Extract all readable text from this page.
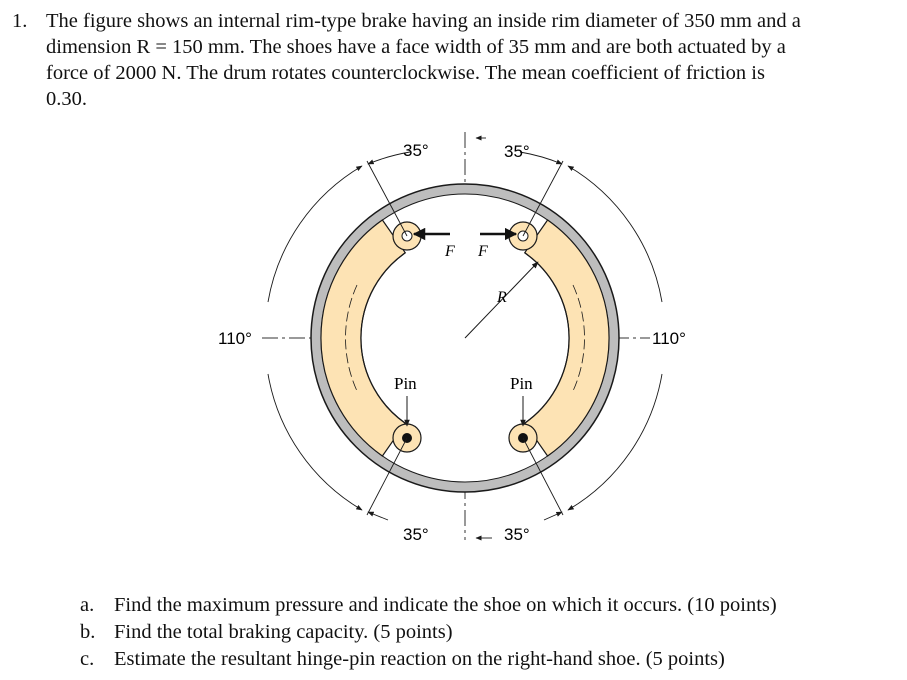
1. The figure shows an internal rim-type brake having an inside rim diameter of 350 mm and a
dimension R = 150 mm. The shoes have a face width of 35 mm and are both actuated by a
force of 2000 N. The drum rotates counterclockwise. The mean coefficient of friction is
0.30.
F F
R
Pin	Pin
35°	35°
35°	35°
110°	110°
a. Find the maximum pressure and indicate the shoe on which it occurs. (10 points)
b. Find the total braking capacity. (5 points)
c. Estimate the resultant hinge-pin reaction on the right-hand shoe. (5 points)
